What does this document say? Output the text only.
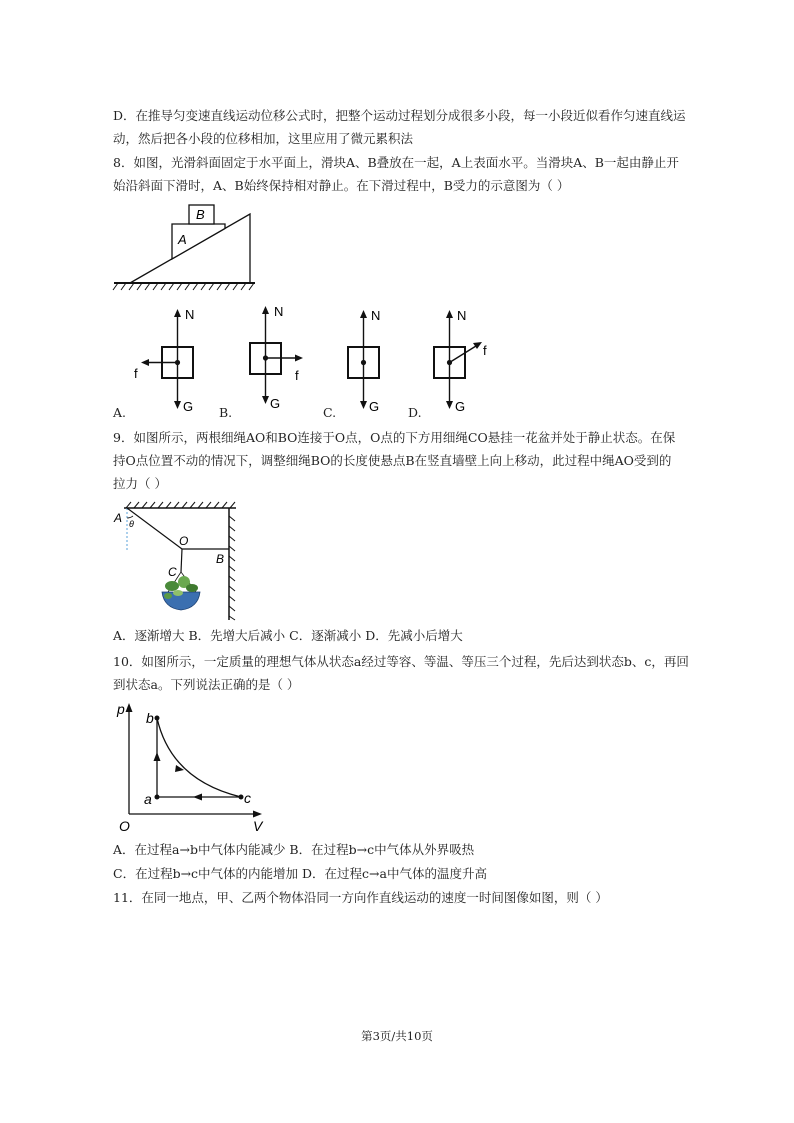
D．在推导匀变速直线运动位移公式时，把整个运动过程划分成很多小段，每一小段近似看作匀速直线运
动，然后把各小段的位移相加，这里应用了微元累积法
8．如图，光滑斜面固定于水平面上，滑块A、B叠放在一起，A上表面水平。当滑块A、B一起由静止开
始沿斜面下滑时，A、B始终保持相对静止。在下滑过程中，B受力的示意图为（ ）
A
B
N
f
G
N
f
G
N
G
N
f
G
A.	B.	C.	D.
9．如图所示，两根细绳AO和BO连接于O点，O点的下方用细绳CO悬挂一花盆并处于静止状态。在保
持O点位置不动的情况下，调整细绳BO的长度使悬点B在竖直墙壁上向上移动，此过程中绳AO受到的
拉力（ ）
A θ
O
B
C
A．逐渐增大 B．先增大后减小 C．逐渐减小 D．先减小后增大
10．如图所示，一定质量的理想气体从状态a经过等容、等温、等压三个过程，先后达到状态b、c，再回
到状态a。下列说法正确的是（ ）
p
V
O
b
a	c
A．在过程a→b中气体内能减少 B．在过程b→c中气体从外界吸热
C．在过程b→c中气体的内能增加 D．在过程c→a中气体的温度升高
11．在同一地点，甲、乙两个物体沿同一方向作直线运动的速度一时间图像如图，则（ ）
第3页/共10页
